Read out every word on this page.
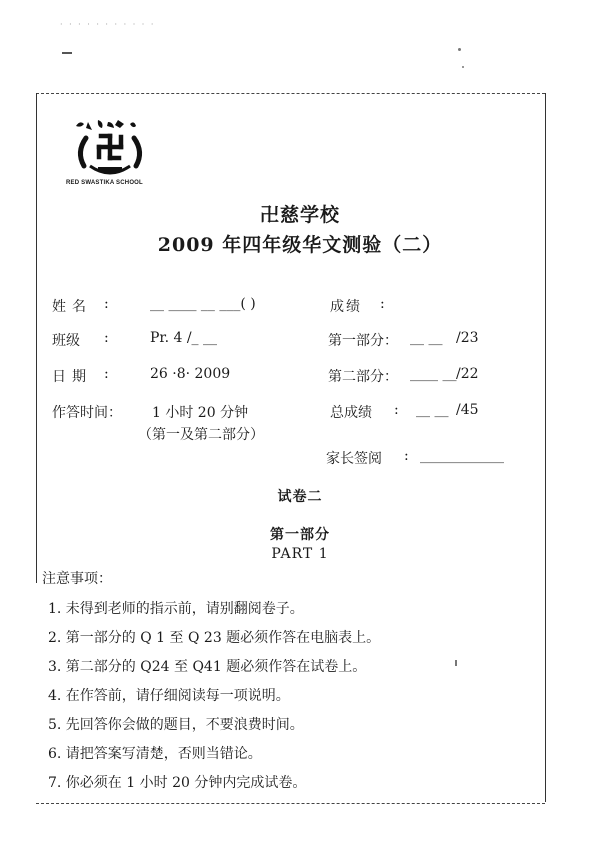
· · · · · · · · · · ·
RED SWASTIKA SCHOOL
卍慈学校
2009 年四年级华文测验（二）
姓名 :	__ ____ __ ___( )
班级 :	Pr. 4 /_ __
日期 :	26 ·8· 2009
作答时间： 1 小时 20 分钟
（第一及第二部分）
成绩 :
第一部分： __ __ /23
第二部分： ____ __ /22
总成绩 : __ __ /45
家长签阅 : ____________
试卷二
第一部分
PART 1
注意事项：
1. 未得到老师的指示前，请别翻阅卷子。
2. 第一部分的 Q 1 至 Q 23 题必须作答在电脑表上。
3. 第二部分的 Q24 至 Q41 题必须作答在试卷上。
4. 在作答前，请仔细阅读每一项说明。
5. 先回答你会做的题目，不要浪费时间。
6. 请把答案写清楚，否则当错论。
7. 你必须在 1 小时 20 分钟内完成试卷。
